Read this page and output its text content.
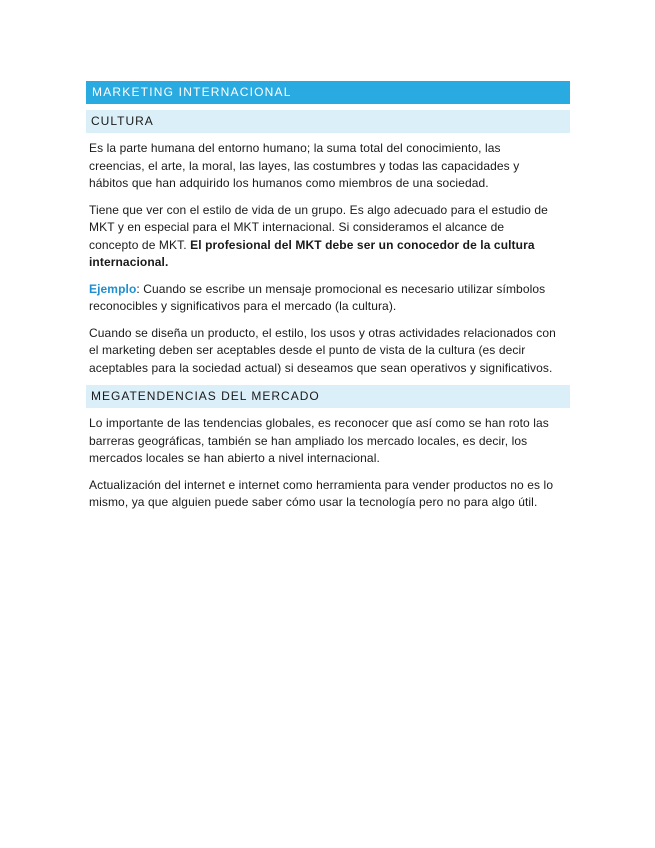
MARKETING INTERNACIONAL
CULTURA

Es la parte humana del entorno humano; la suma total del conocimiento, las creencias, el arte, la moral, las layes, las costumbres y todas las capacidades y hábitos que han adquirido los humanos como miembros de una sociedad.

Tiene que ver con el estilo de vida de un grupo. Es algo adecuado para el estudio de MKT y en especial para el MKT internacional. Si consideramos el alcance de concepto de MKT. El profesional del MKT debe ser un conocedor de la cultura internacional.

Ejemplo: Cuando se escribe un mensaje promocional es necesario utilizar símbolos reconocibles y significativos para el mercado (la cultura).

Cuando se diseña un producto, el estilo, los usos y otras actividades relacionados con el marketing deben ser aceptables desde el punto de vista de la cultura (es decir aceptables para la sociedad actual) si deseamos que sean operativos y significativos.

MEGATENDENCIAS DEL MERCADO

Lo importante de las tendencias globales, es reconocer que así como se han roto las barreras geográficas, también se han ampliado los mercado locales, es decir, los mercados locales se han abierto a nivel internacional.

Actualización del internet e internet como herramienta para vender productos no es lo mismo, ya que alguien puede saber cómo usar la tecnología pero no para algo útil.
